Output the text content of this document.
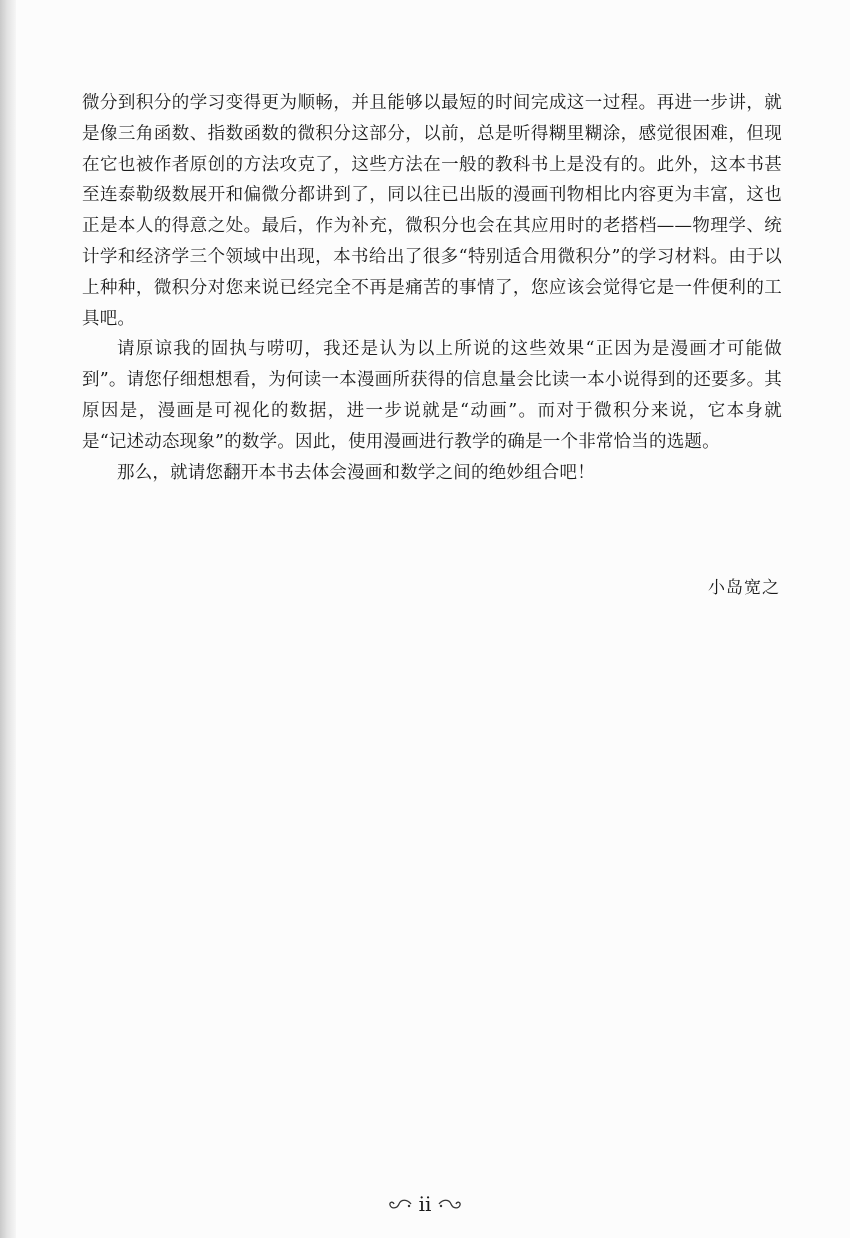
微分到积分的学习变得更为顺畅，并且能够以最短的时间完成这一过程。再进一步讲，就是像三角函数、指数函数的微积分这部分，以前，总是听得糊里糊涂，感觉很困难，但现在它也被作者原创的方法攻克了，这些方法在一般的教科书上是没有的。此外，这本书甚至连泰勒级数展开和偏微分都讲到了，同以往已出版的漫画刊物相比内容更为丰富，这也正是本人的得意之处。最后，作为补充，微积分也会在其应用时的老搭档——物理学、统计学和经济学三个领域中出现，本书给出了很多“特别适合用微积分”的学习材料。由于以上种种，微积分对您来说已经完全不再是痛苦的事情了，您应该会觉得它是一件便利的工具吧。

请原谅我的固执与唠叨，我还是认为以上所说的这些效果“正因为是漫画才可能做到”。请您仔细想想看，为何读一本漫画所获得的信息量会比读一本小说得到的还要多。其原因是，漫画是可视化的数据，进一步说就是“动画”。而对于微积分来说，它本身就是“记述动态现象”的数学。因此，使用漫画进行教学的确是一个非常恰当的选题。

那么，就请您翻开本书去体会漫画和数学之间的绝妙组合吧！

小岛宽之
ii
